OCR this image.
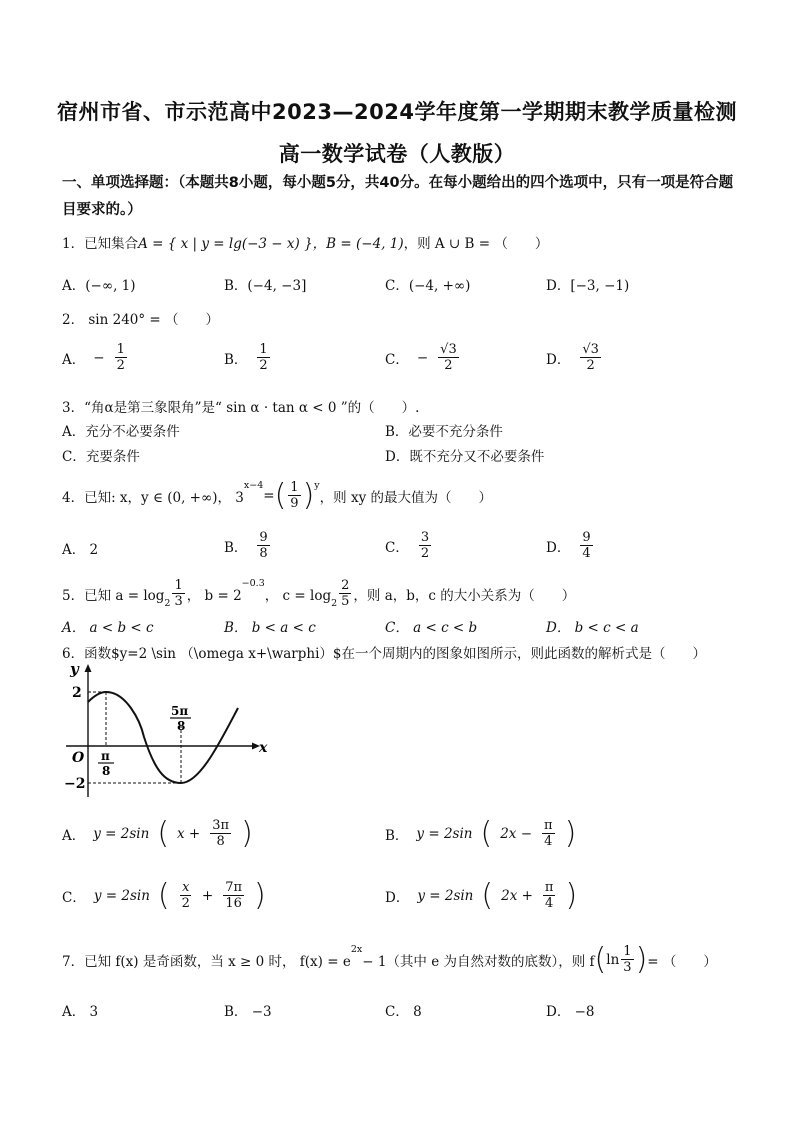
宿州市省、市示范高中2023—2024学年度第一学期期末教学质量检测
高一数学试卷（人教版）
一、单项选择题：（本题共8小题，每小题5分，共40分。在每小题给出的四个选项中，只有一项是符合题目要求的。）
1．已知集合A = { x | y = lg(−3 − x) }，B = (−4, 1)，则 A ∪ B = （　　）
A．(−∞, 1)	B．(−4, −3]	C．(−4, +∞)	D．[−3, −1)
2． sin 240° = （　　）
A． − $\frac{1}{2}$	B． $\frac{1}{2}$	C． − $\frac{√3}{2}$	D． $\frac{√3}{2}$
3．“角α是第三象限角”是“ sin α · tan α < 0 ”的（　　）.
A．充分不必要条件	B．必要不充分条件
C．充要条件	D．既不充分又不必要条件
4．已知: x，y ∈ (0, +∞)， 3
$^{x-4}$
= ( $\frac{1}{9} )^y$
，则 xy 的最大值为（　　）
A． 2	B． $\frac{9}{8}$	C． $\frac{3}{2}$	D． $\frac{9}{4}$
5．已知 $a = \log_2 \frac{1}{3}$ ， b = 2
$^{-0.3}$
， $c = \log_2 \frac{2}{5}$ ，则 a，b，c 的大小关系为（　　）
A． a < b < c	B． b < a < c	C． a < c < b	D． b < c < a
6．函数$y=2 \sin （\omega x+\warphi）$在一个周期内的图象如图所示，则此函数的解析式是（　　）
y
x
O
2
−2
π
8
5π
8
A． y = 2sin ( $x + \frac{3\pi}{8}$ )	B． y = 2sin ( $2x - \frac{\pi}{4}$ )
C． y = 2sin ( $\frac{x}{2} + \frac{7\pi}{16}$ )	D． y = 2sin ( $2x + \frac{\pi}{4}$ )
7．已知 f(x) 是奇函数，当 x ≥ 0 时， f(x) = e
$^{2x}$
− 1（其中 e 为自然对数的底数），则 f ( $\ln \frac{1}{3}$ ) = （　　）
A． 3	B． −3	C． 8	D． −8
